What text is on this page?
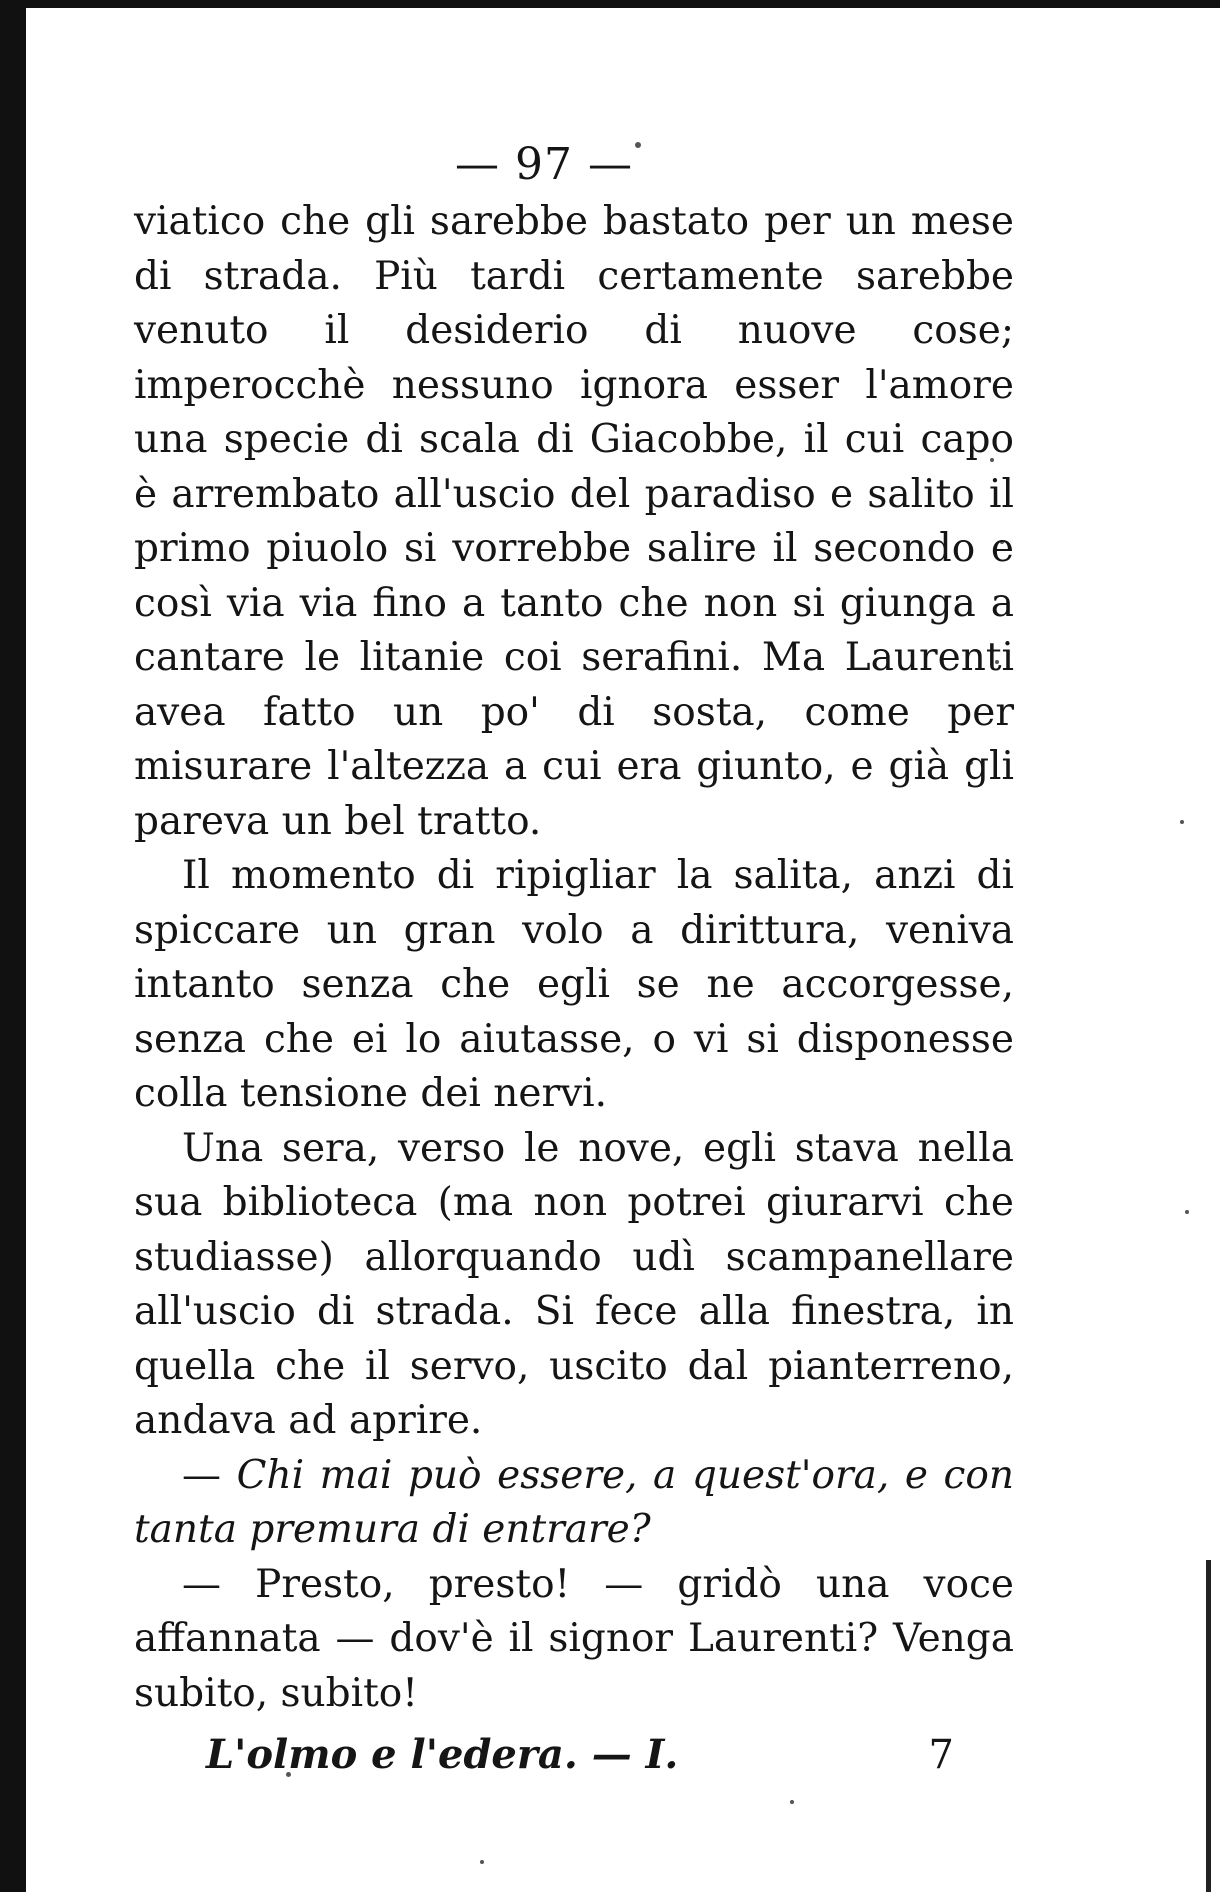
— 97 —

viatico che gli sarebbe bastato per un mese di strada. Più tardi certamente sarebbe venuto il desiderio di nuove cose; imperocchè nessuno ignora esser l'amore una specie di scala di Giacobbe, il cui capo è arrembato all'uscio del paradiso e salito il primo piuolo si vorrebbe salire il secondo e così via via fino a tanto che non si giunga a cantare le litanie coi serafini. Ma Laurenti avea fatto un po' di sosta, come per misurare l'altezza a cui era giunto, e già gli pareva un bel tratto.

Il momento di ripigliar la salita, anzi di spiccare un gran volo a dirittura, veniva intanto senza che egli se ne accorgesse, senza che ei lo aiutasse, o vi si disponesse colla tensione dei nervi.

Una sera, verso le nove, egli stava nella sua biblioteca (ma non potrei giurarvi che studiasse) allorquando udì scampanellare all'uscio di strada. Si fece alla finestra, in quella che il servo, uscito dal pianterreno, andava ad aprire.

— Chi mai può essere, a quest'ora, e con tanta premura di entrare?

— Presto, presto! — gridò una voce affannata — dov'è il signor Laurenti? Venga subito, subito!

L'olmo e l'edera. — I.	7
